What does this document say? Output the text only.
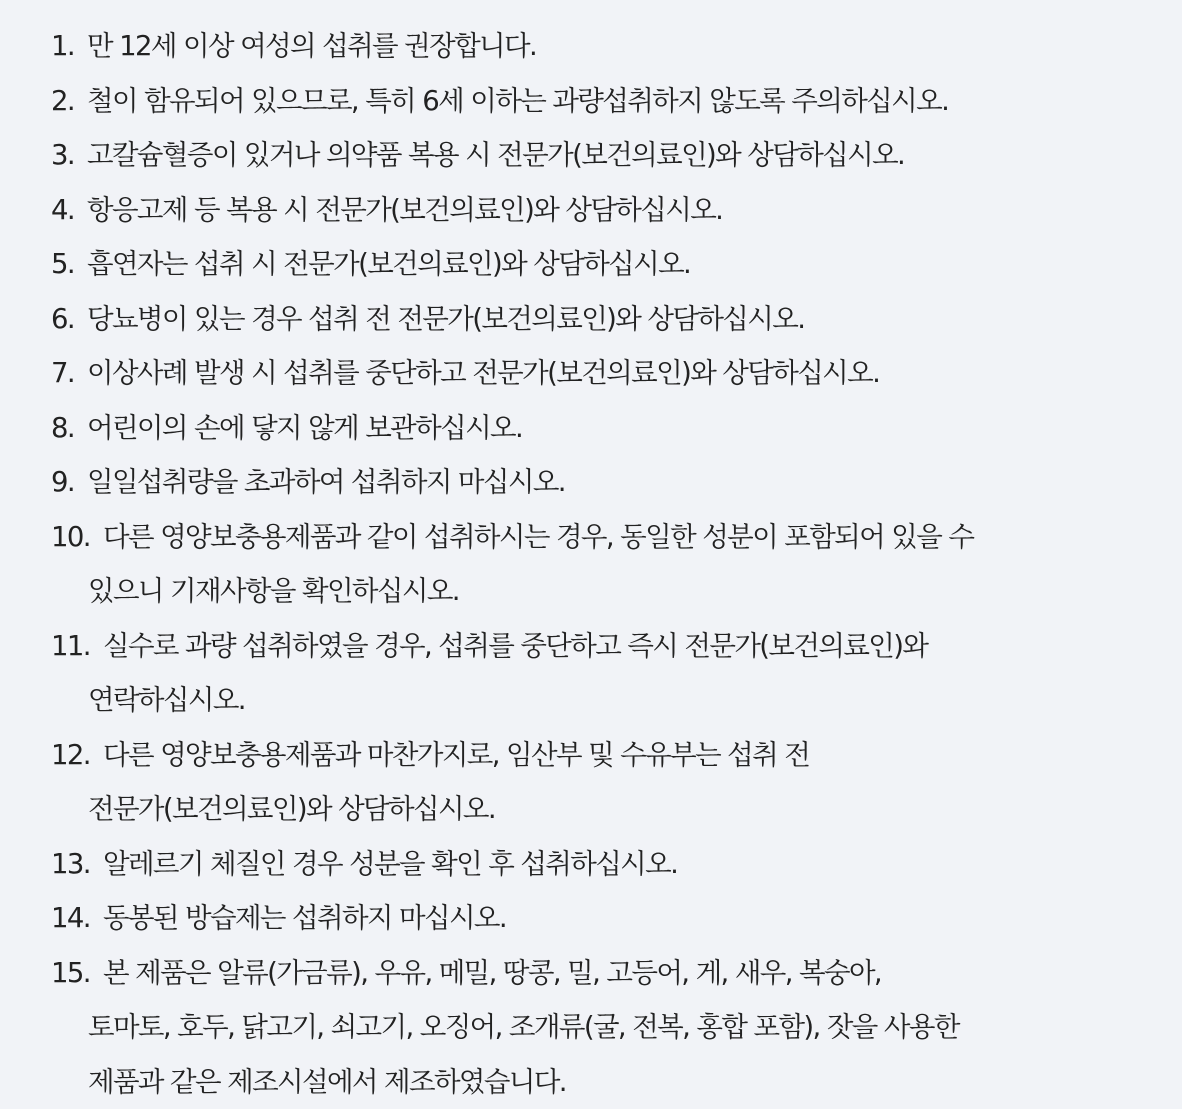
1. 만 12세 이상 여성의 섭취를 권장합니다.
2. 철이 함유되어 있으므로, 특히 6세 이하는 과량섭취하지 않도록 주의하십시오.
3. 고칼슘혈증이 있거나 의약품 복용 시 전문가(보건의료인)와 상담하십시오.
4. 항응고제 등 복용 시 전문가(보건의료인)와 상담하십시오.
5. 흡연자는 섭취 시 전문가(보건의료인)와 상담하십시오.
6. 당뇨병이 있는 경우 섭취 전 전문가(보건의료인)와 상담하십시오.
7. 이상사례 발생 시 섭취를 중단하고 전문가(보건의료인)와 상담하십시오.
8. 어린이의 손에 닿지 않게 보관하십시오.
9. 일일섭취량을 초과하여 섭취하지 마십시오.
10. 다른 영양보충용제품과 같이 섭취하시는 경우, 동일한 성분이 포함되어 있을 수
있으니 기재사항을 확인하십시오.
11. 실수로 과량 섭취하였을 경우, 섭취를 중단하고 즉시 전문가(보건의료인)와
연락하십시오.
12. 다른 영양보충용제품과 마찬가지로, 임산부 및 수유부는 섭취 전
전문가(보건의료인)와 상담하십시오.
13. 알레르기 체질인 경우 성분을 확인 후 섭취하십시오.
14. 동봉된 방습제는 섭취하지 마십시오.
15. 본 제품은 알류(가금류), 우유, 메밀, 땅콩, 밀, 고등어, 게, 새우, 복숭아,
토마토, 호두, 닭고기, 쇠고기, 오징어, 조개류(굴, 전복, 홍합 포함), 잣을 사용한
제품과 같은 제조시설에서 제조하였습니다.
